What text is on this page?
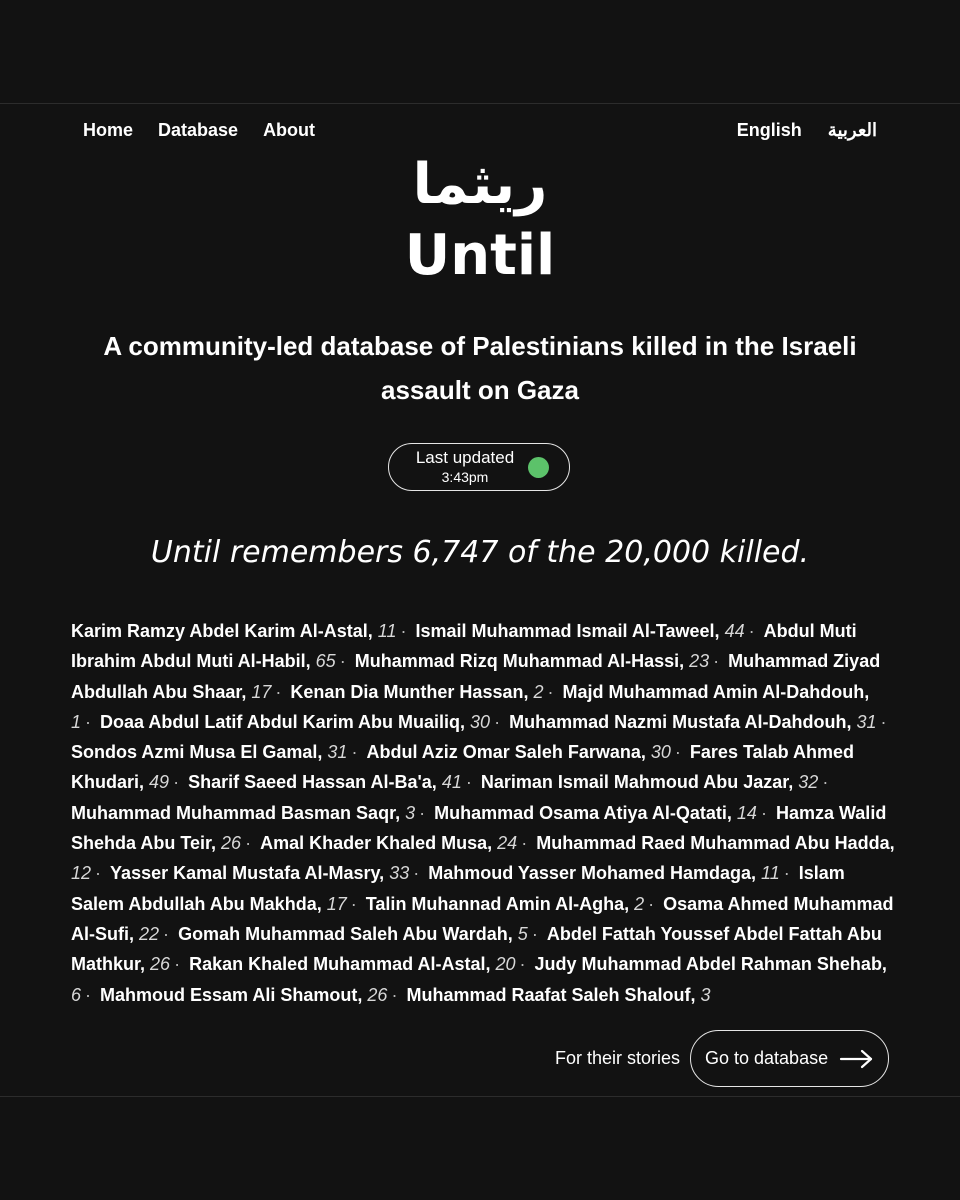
Home Database About	English العربية
ريثما
Until
A community-led database of Palestinians killed in the Israeli assault on Gaza
Last updated
3:43pm
Until remembers 6,747 of the 20,000 killed.
Karim Ramzy Abdel Karim Al-Astal, 11 · Ismail Muhammad Ismail Al-Taweel, 44 · Abdul Muti Ibrahim Abdul Muti Al-Habil, 65 · Muhammad Rizq Muhammad Al-Hassi, 23 · Muhammad Ziyad Abdullah Abu Shaar, 17 · Kenan Dia Munther Hassan, 2 · Majd Muhammad Amin Al-Dahdouh, 1 · Doaa Abdul Latif Abdul Karim Abu Muailiq, 30 · Muhammad Nazmi Mustafa Al-Dahdouh, 31 · Sondos Azmi Musa El Gamal, 31 · Abdul Aziz Omar Saleh Farwana, 30 · Fares Talab Ahmed Khudari, 49 · Sharif Saeed Hassan Al-Ba'a, 41 · Nariman Ismail Mahmoud Abu Jazar, 32 · Muhammad Muhammad Basman Saqr, 3 · Muhammad Osama Atiya Al-Qatati, 14 · Hamza Walid Shehda Abu Teir, 26 · Amal Khader Khaled Musa, 24 · Muhammad Raed Muhammad Abu Hadda, 12 · Yasser Kamal Mustafa Al-Masry, 33 · Mahmoud Yasser Mohamed Hamdaga, 11 · Islam Salem Abdullah Abu Makhda, 17 · Talin Muhannad Amin Al-Agha, 2 · Osama Ahmed Muhammad Al-Sufi, 22 · Gomah Muhammad Saleh Abu Wardah, 5 · Abdel Fattah Youssef Abdel Fattah Abu Mathkur, 26 · Rakan Khaled Muhammad Al-Astal, 20 · Judy Muhammad Abdel Rahman Shehab, 6 · Mahmoud Essam Ali Shamout, 26 · Muhammad Raafat Saleh Shalouf, 3
For their stories Go to database
